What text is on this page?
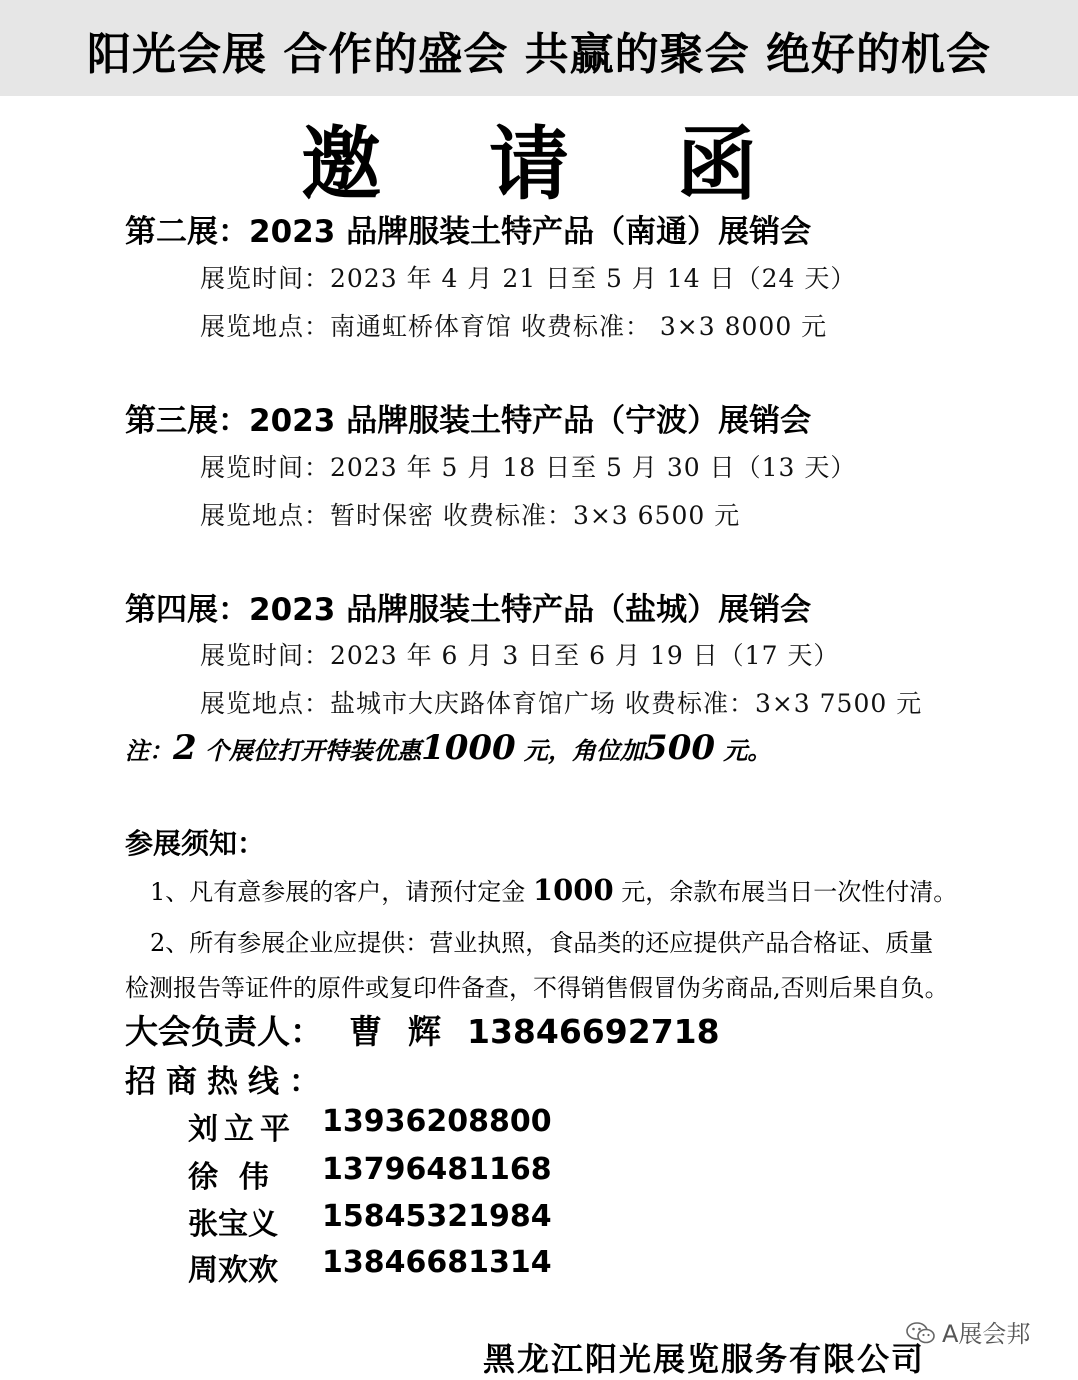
阳光会展 合作的盛会 共赢的聚会 绝好的机会
邀 请 函
第二展：2023 品牌服装土特产品（南通）展销会
展览时间：2023 年 4 月 21 日至 5 月 14 日（24 天）
展览地点：南通虹桥体育馆 收费标准： 3×3 8000 元
第三展：2023 品牌服装土特产品（宁波）展销会
展览时间：2023 年 5 月 18 日至 5 月 30 日（13 天）
展览地点：暂时保密 收费标准：3×3 6500 元
第四展：2023 品牌服装土特产品（盐城）展销会
展览时间：2023 年 6 月 3 日至 6 月 19 日（17 天）
展览地点：盐城市大庆路体育馆广场 收费标准：3×3 7500 元
注：2 个展位打开特装优惠1000 元，角位加500 元。
参展须知：
1、凡有意参展的客户，请预付定金 1000 元，余款布展当日一次性付清。
2、所有参展企业应提供：营业执照，食品类的还应提供产品合格证、质量
检测报告等证件的原件或复印件备查，不得销售假冒伪劣商品,否则后果自负。
大会负责人： 曹辉13846692718
招商热线：
刘立平 13936208800
徐  伟 13796481168
张宝义 15845321984
周欢欢 13846681314
A展会邦
黑龙江阳光展览服务有限公司
